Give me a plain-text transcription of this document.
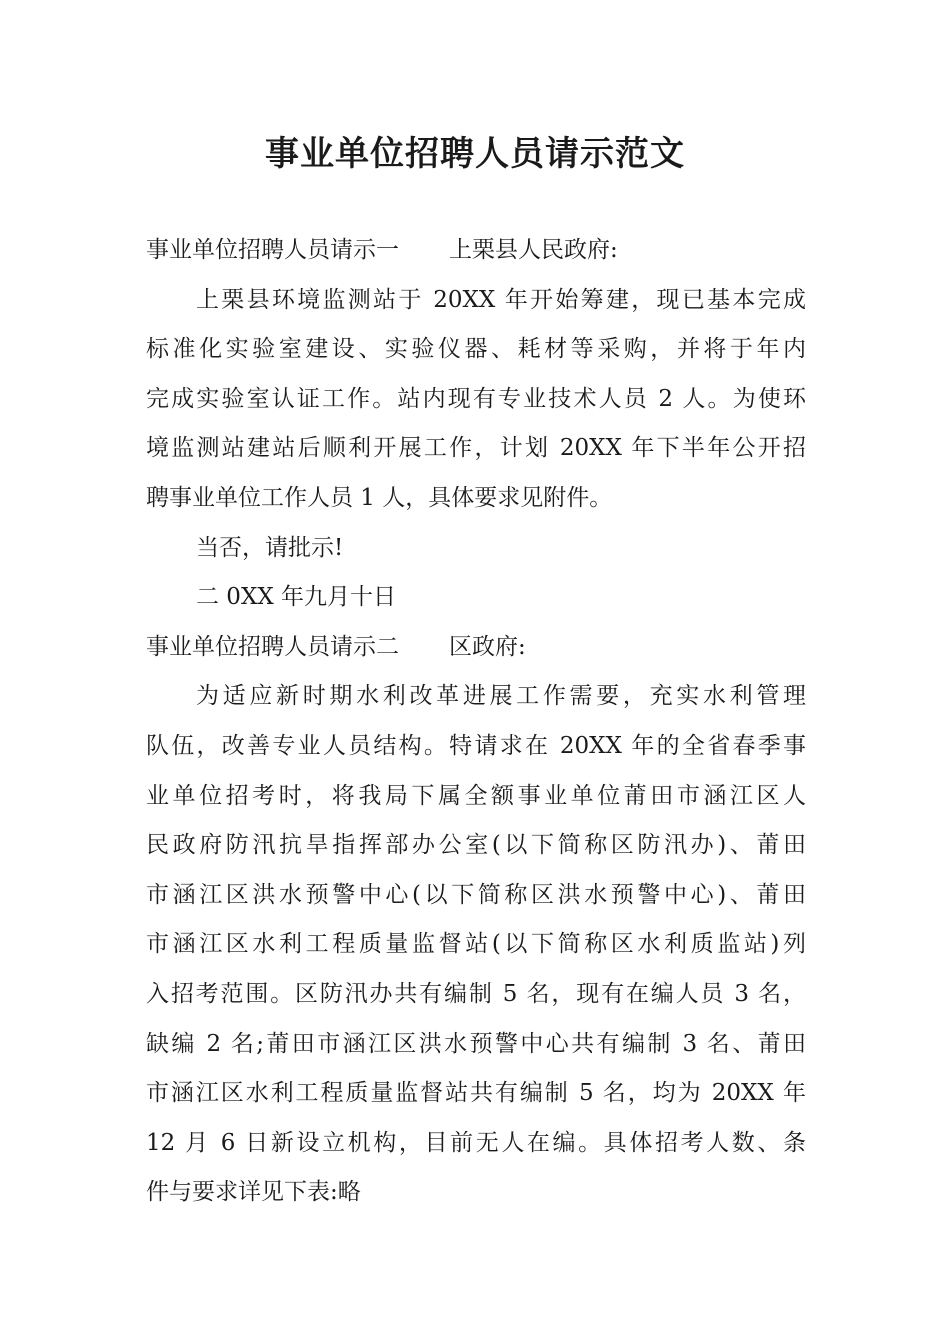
事业单位招聘人员请示范文
事业单位招聘人员请示一 上栗县人民政府:
上栗县环境监测站于 20XX 年开始筹建，现已基本完成
标准化实验室建设、实验仪器、耗材等采购，并将于年内
完成实验室认证工作。站内现有专业技术人员 2 人。为使环
境监测站建站后顺利开展工作，计划 20XX 年下半年公开招
聘事业单位工作人员 1 人，具体要求见附件。
当否，请批示!
二 0XX 年九月十日
事业单位招聘人员请示二 区政府:
为适应新时期水利改革进展工作需要，充实水利管理
队伍，改善专业人员结构。特请求在 20XX 年的全省春季事
业单位招考时，将我局下属全额事业单位莆田市涵江区人
民政府防汛抗旱指挥部办公室(以下简称区防汛办)、莆田
市涵江区洪水预警中心(以下简称区洪水预警中心)、莆田
市涵江区水利工程质量监督站(以下简称区水利质监站)列
入招考范围。区防汛办共有编制 5 名，现有在编人员 3 名，
缺编 2 名;莆田市涵江区洪水预警中心共有编制 3 名、莆田
市涵江区水利工程质量监督站共有编制 5 名，均为 20XX 年
12 月 6 日新设立机构，目前无人在编。具体招考人数、条
件与要求详见下表:略
